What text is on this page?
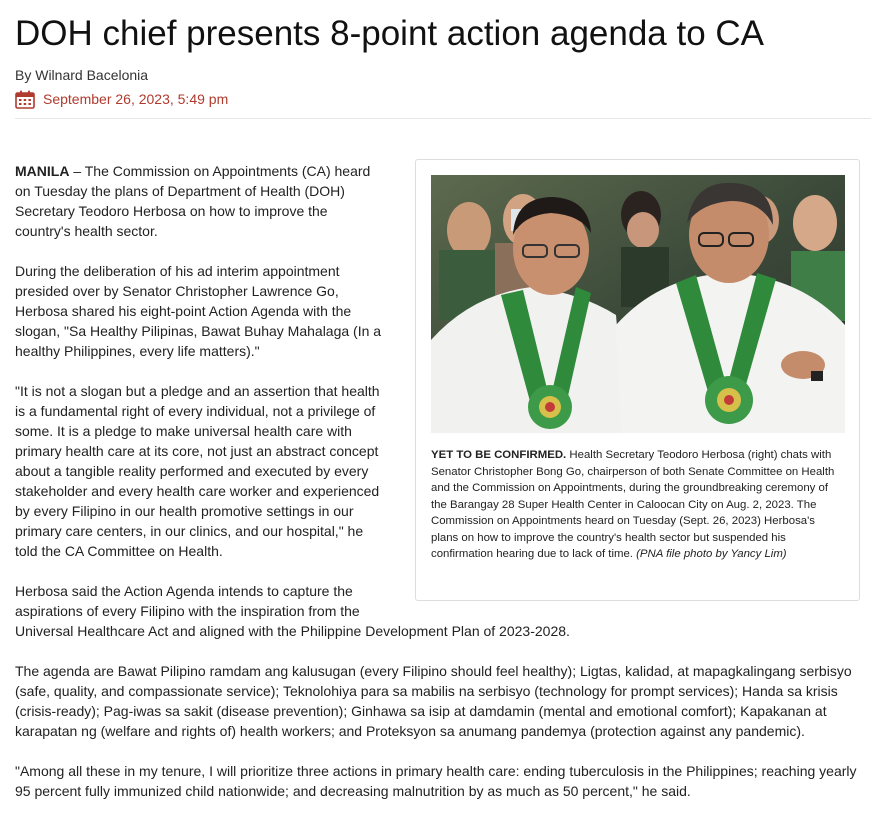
DOH chief presents 8-point action agenda to CA
By Wilnard Bacelonia
September 26, 2023, 5:49 pm
YET TO BE CONFIRMED. Health Secretary Teodoro Herbosa (right) chats with Senator Christopher Bong Go, chairperson of both Senate Committee on Health and the Commission on Appointments, during the groundbreaking ceremony of the Barangay 28 Super Health Center in Caloocan City on Aug. 2, 2023. The Commission on Appointments heard on Tuesday (Sept. 26, 2023) Herbosa's plans on how to improve the country's health sector but suspended his confirmation hearing due to lack of time. (PNA file photo by Yancy Lim)

MANILA – The Commission on Appointments (CA) heard on Tuesday the plans of Department of Health (DOH) Secretary Teodoro Herbosa on how to improve the country's health sector.

During the deliberation of his ad interim appointment presided over by Senator Christopher Lawrence Go, Herbosa shared his eight-point Action Agenda with the slogan, "Sa Healthy Pilipinas, Bawat Buhay Mahalaga (In a healthy Philippines, every life matters)."

"It is not a slogan but a pledge and an assertion that health is a fundamental right of every individual, not a privilege of some. It is a pledge to make universal health care with primary health care at its core, not just an abstract concept about a tangible reality performed and executed by every stakeholder and every health care worker and experienced by every Filipino in our health promotive settings in our primary care centers, in our clinics, and our hospital," he told the CA Committee on Health.

Herbosa said the Action Agenda intends to capture the aspirations of every Filipino with the inspiration from the Universal Healthcare Act and aligned with the Philippine Development Plan of 2023-2028.

The agenda are Bawat Pilipino ramdam ang kalusugan (every Filipino should feel healthy); Ligtas, kalidad, at mapagkalingang serbisyo (safe, quality, and compassionate service); Teknolohiya para sa mabilis na serbisyo (technology for prompt services); Handa sa krisis (crisis-ready); Pag-iwas sa sakit (disease prevention); Ginhawa sa isip at damdamin (mental and emotional comfort); Kapakanan at karapatan ng (welfare and rights of) health workers; and Proteksyon sa anumang pandemya (protection against any pandemic).

"Among all these in my tenure, I will prioritize three actions in primary health care: ending tuberculosis in the Philippines; reaching yearly 95 percent fully immunized child nationwide; and decreasing malnutrition by as much as 50 percent," he said.
